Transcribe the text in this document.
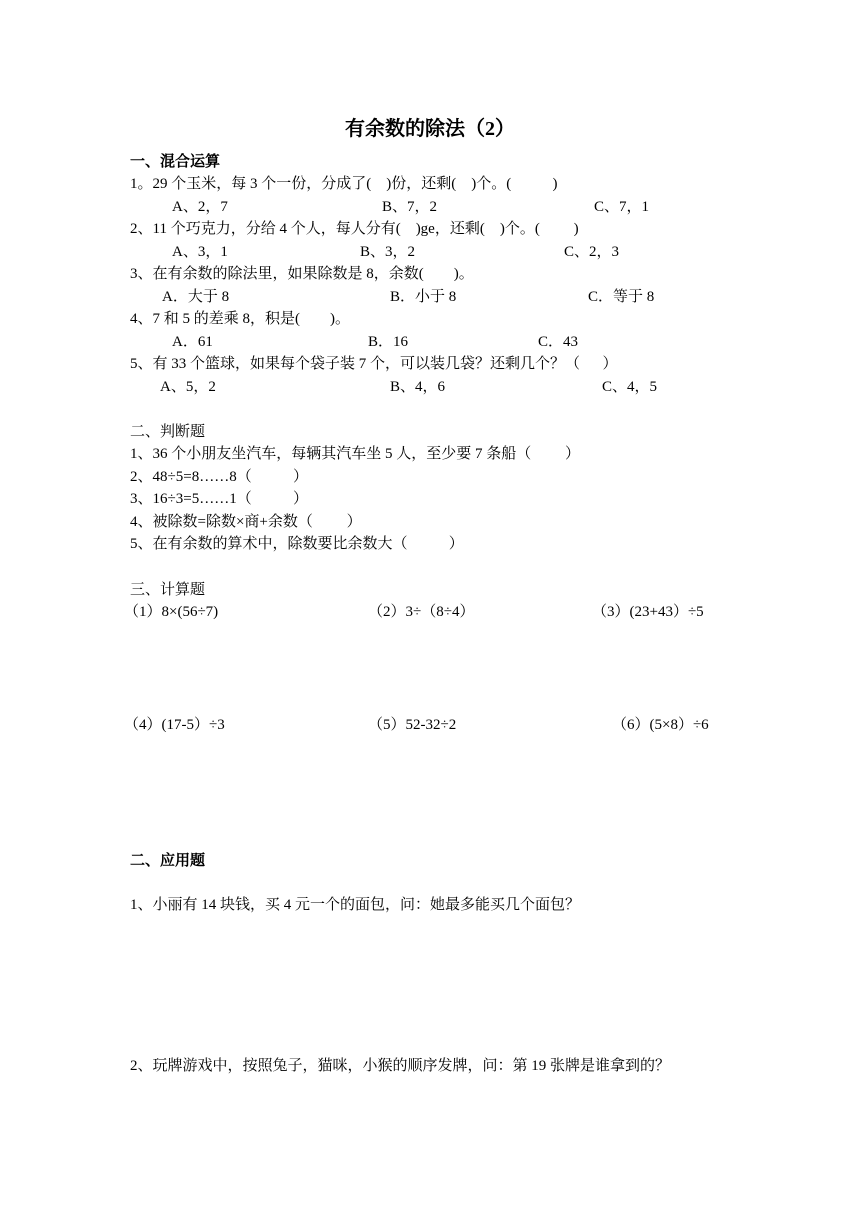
有余数的除法（2）
一、混合运算
1。29 个玉米，每 3 个一份，分成了(    )份，还剩(    )个。(           )
A、2，7	B、7，2	C、7，1
2、11 个巧克力，分给 4 个人，每人分有(    )ge，还剩(    )个。(         )
A、3，1	B、3，2	C、2，3
3、在有余数的除法里，如果除数是 8，余数(        )。
A．大于 8	B．小于 8	C．等于 8
4、7 和 5 的差乘 8，积是(        )。
A．61	B．16	C．43
5、有 33 个篮球，如果每个袋子装 7 个，可以装几袋？还剩几个？（      ）
A、5，2	B、4，6	C、4，5
二、判断题
1、36 个小朋友坐汽车，每辆其汽车坐 5 人，至少要 7 条船（         ）
2、48÷5=8……8（           ）
3、16÷3=5……1（           ）
4、被除数=除数×商+余数（         ）
5、在有余数的算术中，除数要比余数大（           ）
三、计算题
（1）8×(56÷7)	（2）3÷（8÷4）	（3）(23+43）÷5
（4）(17-5）÷3	（5）52-32÷2	（6）(5×8）÷6
二、应用题
1、小丽有 14 块钱，买 4 元一个的面包，问：她最多能买几个面包？
2、玩牌游戏中，按照兔子，猫咪，小猴的顺序发牌，问：第 19 张牌是谁拿到的？
